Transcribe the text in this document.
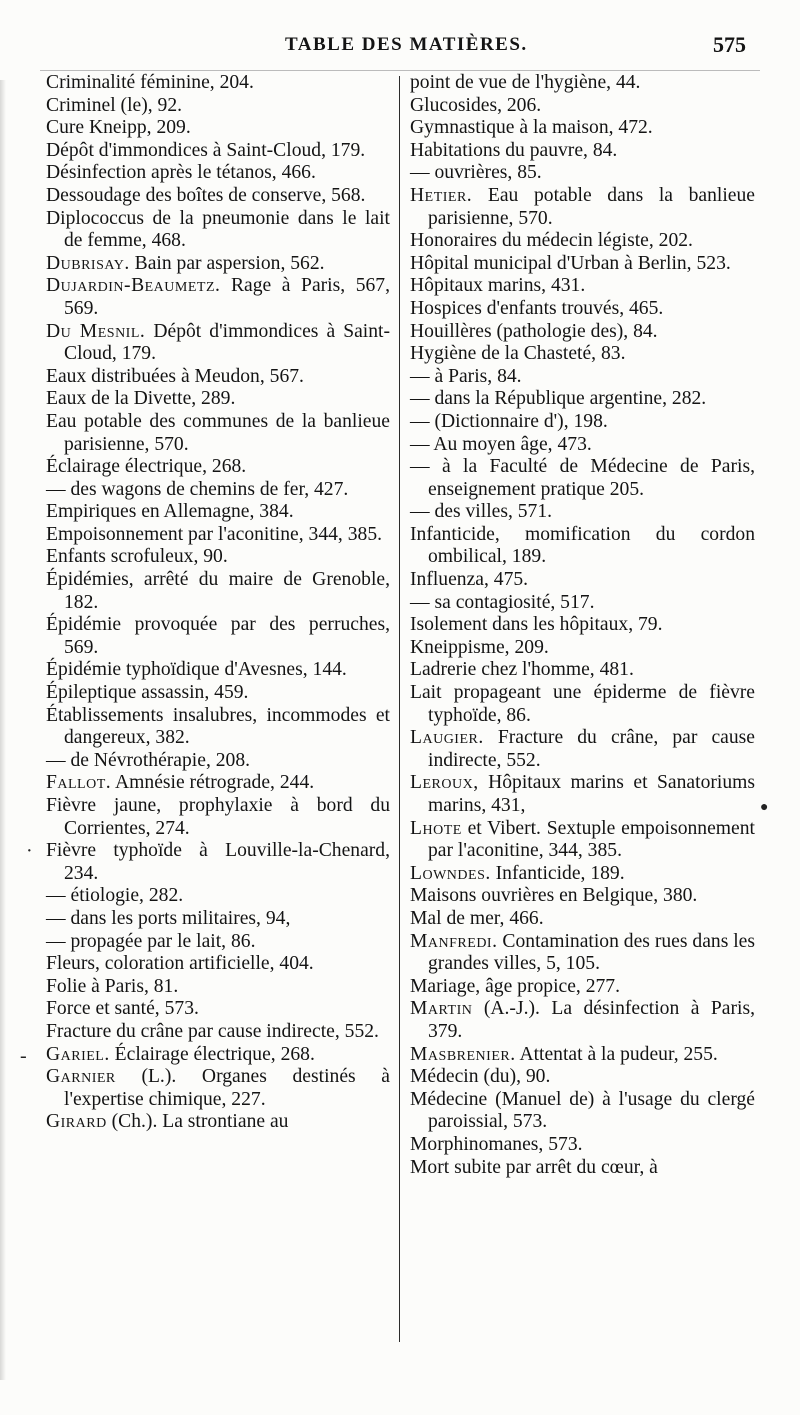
TABLE DES MATIÈRES.	575

Criminalité féminine, 204.

Criminel (le), 92.

Cure Kneipp, 209.

Dépôt d'immondices à Saint-Cloud, 179.

Désinfection après le tétanos, 466.

Dessoudage des boîtes de conserve, 568.

Diplococcus de la pneumonie dans le lait de femme, 468.

Dubrisay. Bain par aspersion, 562.

Dujardin-Beaumetz. Rage à Paris, 567, 569.

Du Mesnil. Dépôt d'immondices à Saint-Cloud, 179.

Eaux distribuées à Meudon, 567.

Eaux de la Divette, 289.

Eau potable des communes de la banlieue parisienne, 570.

Éclairage électrique, 268.

— des wagons de chemins de fer, 427.

Empiriques en Allemagne, 384.

Empoisonnement par l'aconitine, 344, 385.

Enfants scrofuleux, 90.

Épidémies, arrêté du maire de Grenoble, 182.

Épidémie provoquée par des perruches, 569.

Épidémie typhoïdique d'Avesnes, 144.

Épileptique assassin, 459.

Établissements insalubres, incommodes et dangereux, 382.

— de Névrothérapie, 208.

Fallot. Amnésie rétrograde, 244.

Fièvre jaune, prophylaxie à bord du Corrientes, 274.

Fièvre typhoïde à Louville-la-Chenard, 234.

— étiologie, 282.

— dans les ports militaires, 94,

— propagée par le lait, 86.

Fleurs, coloration artificielle, 404.

Folie à Paris, 81.

Force et santé, 573.

Fracture du crâne par cause indirecte, 552.

Gariel. Éclairage électrique, 268.

Garnier (L.). Organes destinés à l'expertise chimique, 227.

Girard (Ch.). La strontiane au

point de vue de l'hygiène, 44.

Glucosides, 206.

Gymnastique à la maison, 472.

Habitations du pauvre, 84.

— ouvrières, 85.

Hetier. Eau potable dans la banlieue parisienne, 570.

Honoraires du médecin légiste, 202.

Hôpital municipal d'Urban à Berlin, 523.

Hôpitaux marins, 431.

Hospices d'enfants trouvés, 465.

Houillères (pathologie des), 84.

Hygiène de la Chasteté, 83.

— à Paris, 84.

— dans la République argentine, 282.

— (Dictionnaire d'), 198.

— Au moyen âge, 473.

— à la Faculté de Médecine de Paris, enseignement pratique 205.

— des villes, 571.

Infanticide, momification du cordon ombilical, 189.

Influenza, 475.

— sa contagiosité, 517.

Isolement dans les hôpitaux, 79.

Kneippisme, 209.

Ladrerie chez l'homme, 481.

Lait propageant une épiderme de fièvre typhoïde, 86.

Laugier. Fracture du crâne, par cause indirecte, 552.

Leroux, Hôpitaux marins et Sanatoriums marins, 431,

Lhote et Vibert. Sextuple empoisonnement par l'aconitine, 344, 385.

Lowndes. Infanticide, 189.

Maisons ouvrières en Belgique, 380.

Mal de mer, 466.

Manfredi. Contamination des rues dans les grandes villes, 5, 105.

Mariage, âge propice, 277.

Martin (A.-J.). La désinfection à Paris, 379.

Masbrenier. Attentat à la pudeur, 255.

Médecin (du), 90.

Médecine (Manuel de) à l'usage du clergé paroissial, 573.

Morphinomanes, 573.

Mort subite par arrêt du cœur, à

·
-
●
